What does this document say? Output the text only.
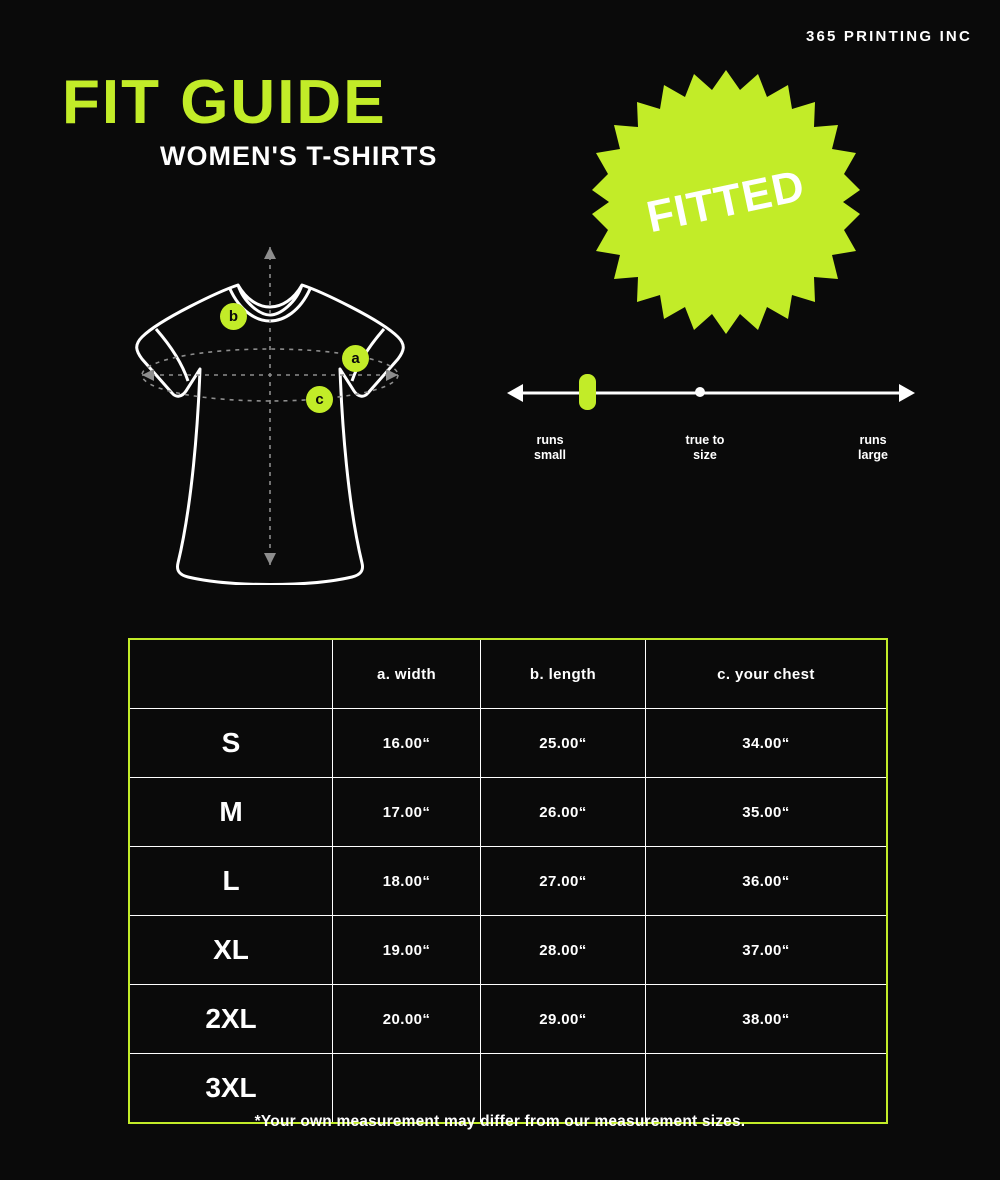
365 PRINTING INC
FIT GUIDE
WOMEN'S T-SHIRTS
a
b
c
FITTED
runs
small
true to
size
runs
large
	a. width	b. length	c. your chest
S	16.00“	25.00“	34.00“
M	17.00“	26.00“	35.00“
L	18.00“	27.00“	36.00“
XL	19.00“	28.00“	37.00“
2XL	20.00“	29.00“	38.00“
3XL			
*Your own measurement may differ from our measurement sizes.
